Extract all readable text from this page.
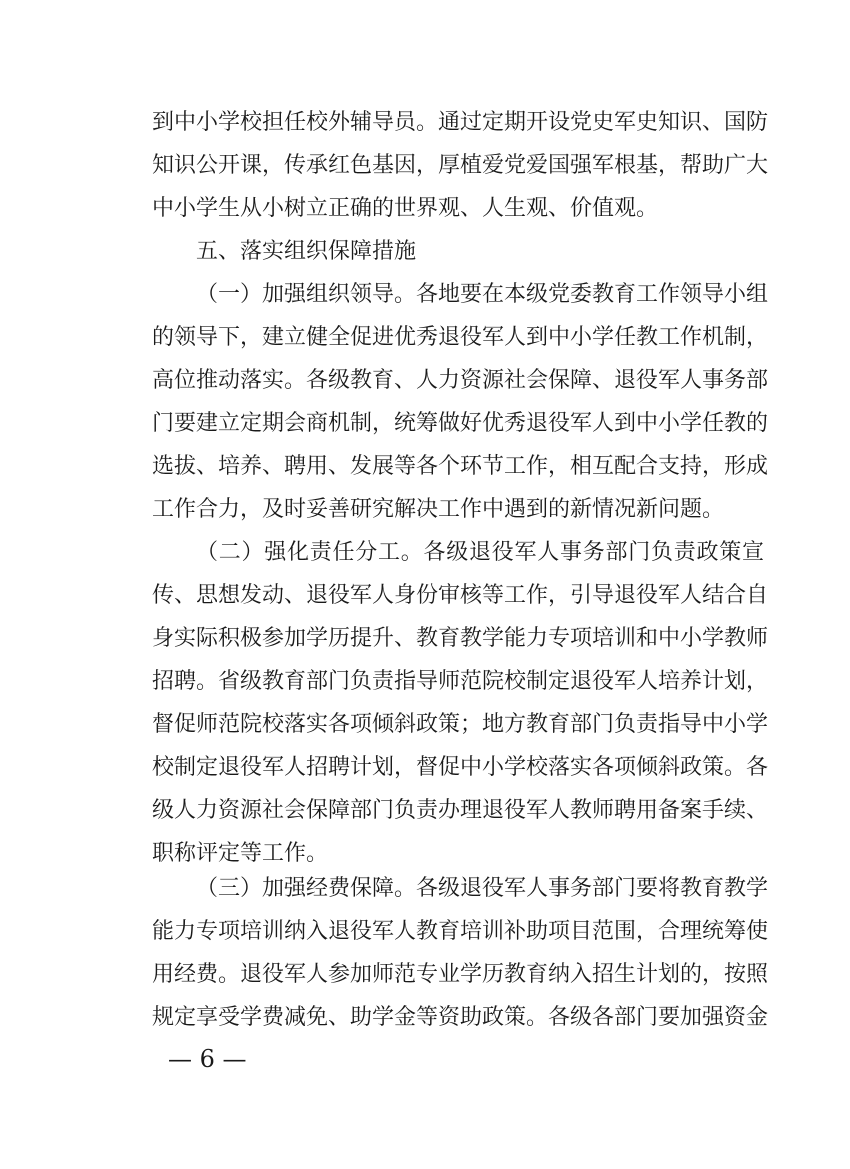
到中小学校担任校外辅导员。通过定期开设党史军史知识、国防
知识公开课，传承红色基因，厚植爱党爱国强军根基，帮助广大
中小学生从小树立正确的世界观、人生观、价值观。
五、落实组织保障措施
（一）加强组织领导。各地要在本级党委教育工作领导小组
的领导下，建立健全促进优秀退役军人到中小学任教工作机制，
高位推动落实。各级教育、人力资源社会保障、退役军人事务部
门要建立定期会商机制，统筹做好优秀退役军人到中小学任教的
选拔、培养、聘用、发展等各个环节工作，相互配合支持，形成
工作合力，及时妥善研究解决工作中遇到的新情况新问题。
（二）强化责任分工。各级退役军人事务部门负责政策宣
传、思想发动、退役军人身份审核等工作，引导退役军人结合自
身实际积极参加学历提升、教育教学能力专项培训和中小学教师
招聘。省级教育部门负责指导师范院校制定退役军人培养计划，
督促师范院校落实各项倾斜政策；地方教育部门负责指导中小学
校制定退役军人招聘计划，督促中小学校落实各项倾斜政策。各
级人力资源社会保障部门负责办理退役军人教师聘用备案手续、
职称评定等工作。
（三）加强经费保障。各级退役军人事务部门要将教育教学
能力专项培训纳入退役军人教育培训补助项目范围，合理统筹使
用经费。退役军人参加师范专业学历教育纳入招生计划的，按照
规定享受学费减免、助学金等资助政策。各级各部门要加强资金
— 6 —
